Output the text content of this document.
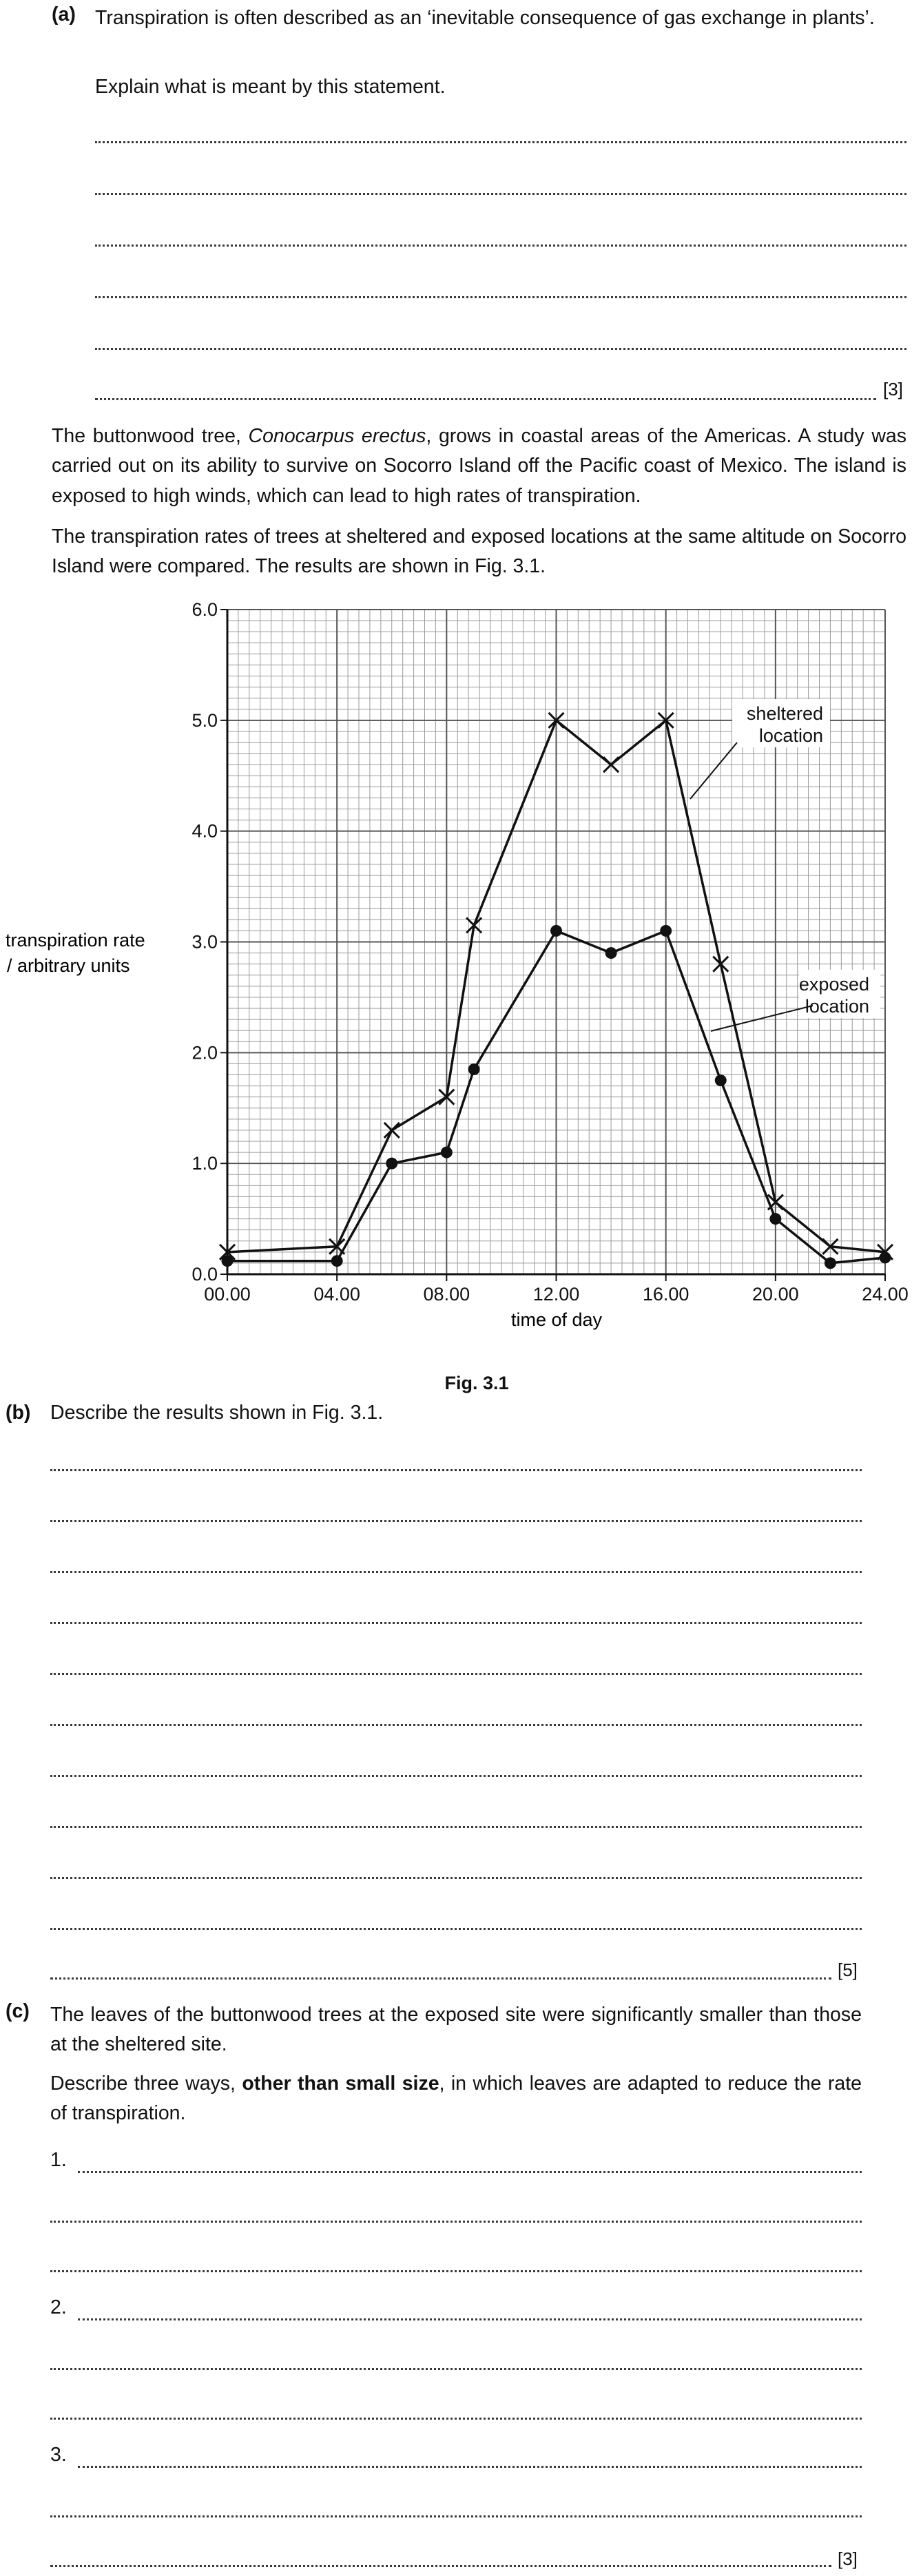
(a) Transpiration is often described as an ‘inevitable consequence of gas exchange in plants’.
Explain what is meant by this statement.
[3]
The buttonwood tree, Conocarpus erectus, grows in coastal areas of the Americas. A study was carried out on its ability to survive on Socorro Island off the Pacific coast of Mexico. The island is exposed to high winds, which can lead to high rates of transpiration.
The transpiration rates of trees at sheltered and exposed locations at the same altitude on Socorro Island were compared. The results are shown in Fig. 3.1.
00.00	04.00	08.00	12.00	16.00	20.00	24.00
0.0
1.0
2.0
3.0
4.0
5.0
6.0
sheltered
location
exposed
location
transpiration rate
/ arbitrary units
time of day
Fig. 3.1
(b) Describe the results shown in Fig. 3.1.
[5]
(c) The leaves of the buttonwood trees at the exposed site were significantly smaller than those at the sheltered site.
Describe three ways, other than small size, in which leaves are adapted to reduce the rate of transpiration.
1.
2.
3.
[3]
